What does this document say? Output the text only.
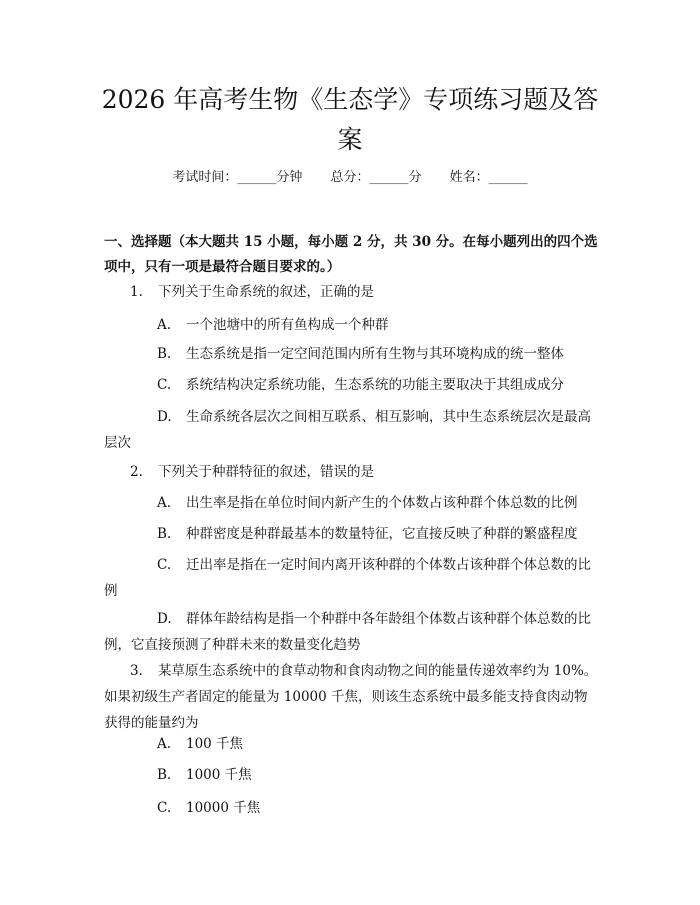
2026 年高考生物《生态学》专项练习题及答案
考试时间：______分钟 总分：______分 姓名：______
一、选择题（本大题共 15 小题，每小题 2 分，共 30 分。在每小题列出的四个选项中，只有一项是最符合题目要求的。）
1. 下列关于生命系统的叙述，正确的是
A. 一个池塘中的所有鱼构成一个种群
B. 生态系统是指一定空间范围内所有生物与其环境构成的统一整体
C. 系统结构决定系统功能，生态系统的功能主要取决于其组成成分
D. 生命系统各层次之间相互联系、相互影响，其中生态系统层次是最高层次
2. 下列关于种群特征的叙述，错误的是
A. 出生率是指在单位时间内新产生的个体数占该种群个体总数的比例
B. 种群密度是种群最基本的数量特征，它直接反映了种群的繁盛程度
C. 迁出率是指在一定时间内离开该种群的个体数占该种群个体总数的比例
D. 群体年龄结构是指一个种群中各年龄组个体数占该种群个体总数的比例，它直接预测了种群未来的数量变化趋势
3. 某草原生态系统中的食草动物和食肉动物之间的能量传递效率约为 10%。如果初级生产者固定的能量为 10000 千焦，则该生态系统中最多能支持食肉动物获得的能量约为
A. 100 千焦
B. 1000 千焦
C. 10000 千焦
